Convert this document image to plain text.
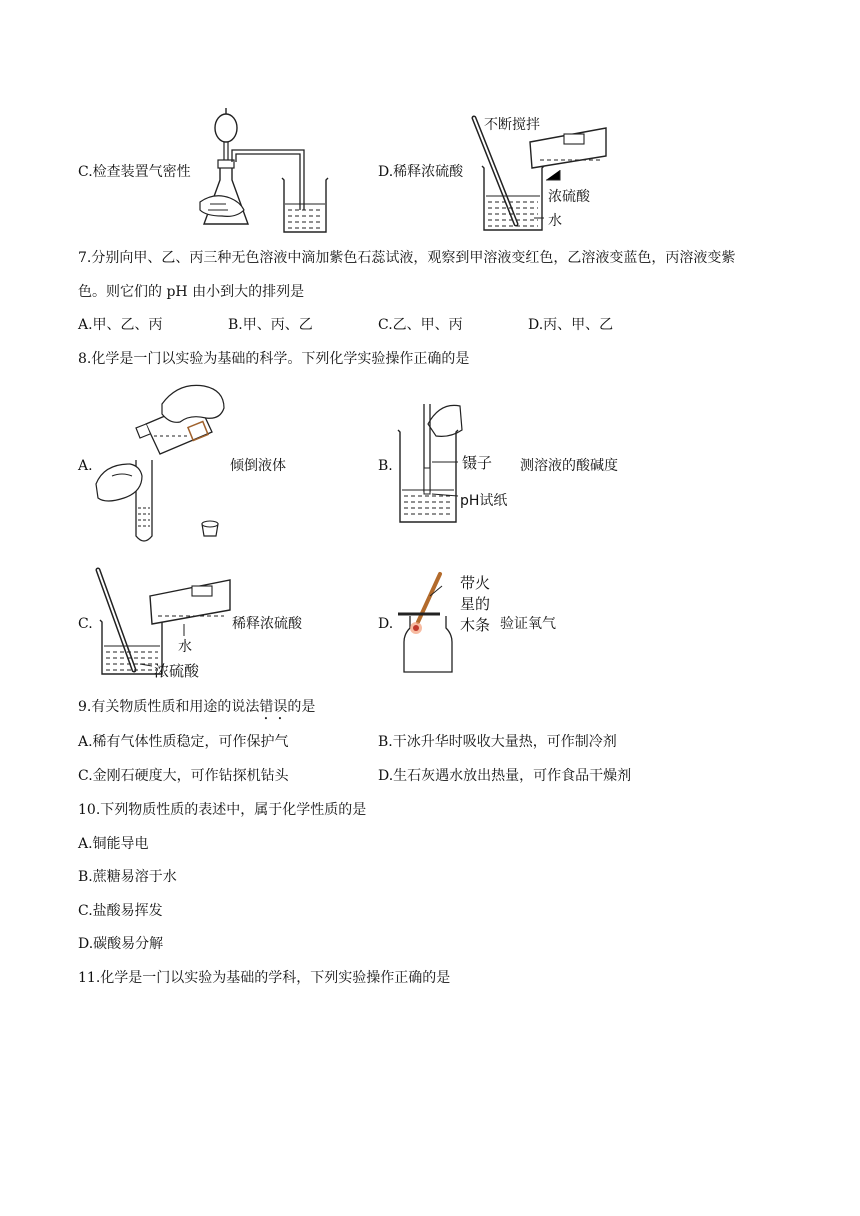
C.检查装置气密性	D.稀释浓硫酸
不断搅拌
浓硫酸
水
7.分别向甲、乙、丙三种无色溶液中滴加紫色石蕊试液，观察到甲溶液变红色，乙溶液变蓝色，丙溶液变紫
色。则它们的 pH 由小到大的排列是
A.甲、乙、丙	B.甲、丙、乙	C.乙、甲、丙	D.丙、甲、乙
8.化学是一门以实验为基础的科学。下列化学实验操作正确的是
A.	倾倒液体	B.	镊子
pH试纸
测溶液的酸碱度
C.
水
浓硫酸
稀释浓硫酸	D.
带火
星的
木条 验证氧气
9.有关物质性质和用途的说法错误的是
A.稀有气体性质稳定，可作保护气	B.干冰升华时吸收大量热，可作制冷剂
C.金刚石硬度大，可作钻探机钻头	D.生石灰遇水放出热量，可作食品干燥剂
10.下列物质性质的表述中，属于化学性质的是
A.铜能导电
B.蔗糖易溶于水
C.盐酸易挥发
D.碳酸易分解
11.化学是一门以实验为基础的学科，下列实验操作正确的是
